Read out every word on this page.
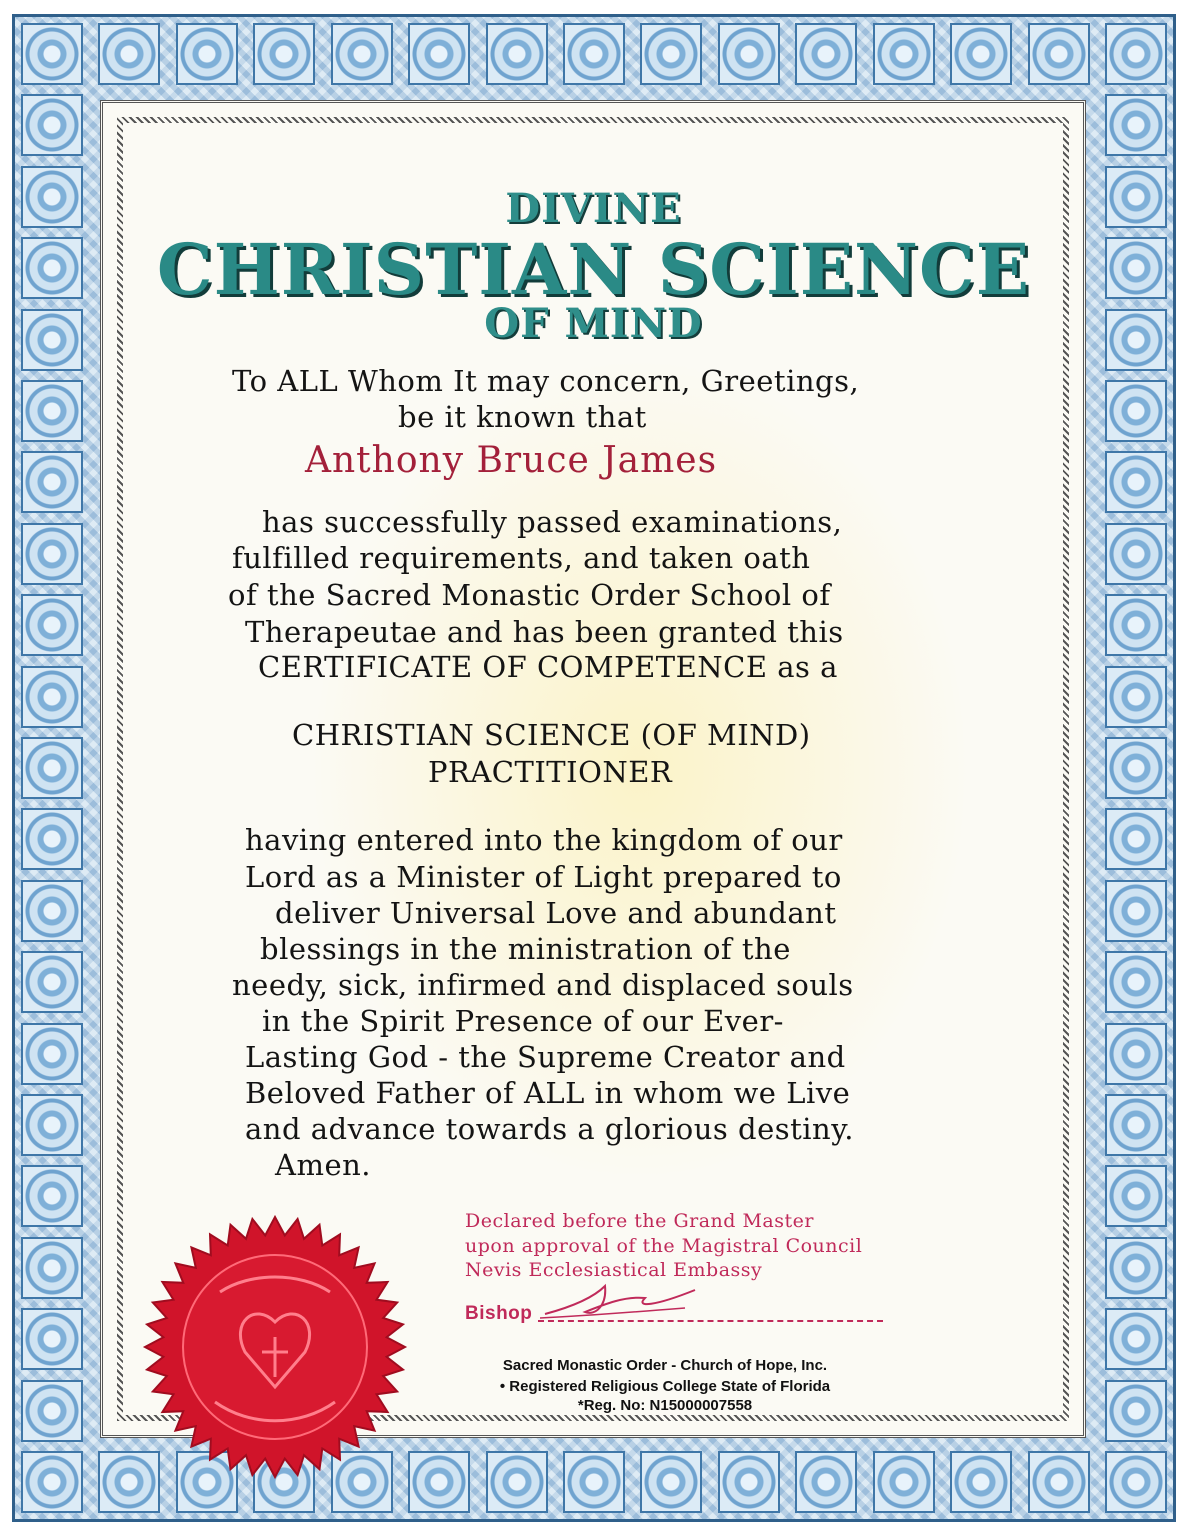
DIVINE
CHRISTIAN SCIENCE
OF MIND
To ALL Whom It may concern, Greetings,
be it known that
Anthony Bruce James
has successfully passed examinations,
fulfilled requirements, and taken oath
of the Sacred Monastic Order School of
Therapeutae and has been granted this
CERTIFICATE OF COMPETENCE as a
CHRISTIAN SCIENCE (OF MIND)
PRACTITIONER
having entered into the kingdom of our
Lord as a Minister of Light prepared to
deliver Universal Love and abundant
blessings in the ministration of the
needy, sick, infirmed and displaced souls
in the Spirit Presence of our Ever-
Lasting God - the Supreme Creator and
Beloved Father of ALL in whom we Live
and advance towards a glorious destiny.
Amen.
Declared before the Grand Master
upon approval of the Magistral Council
Nevis Ecclesiastical Embassy
Bishop
Sacred Monastic Order - Church of Hope, Inc.
• Registered Religious College State of Florida
*Reg. No: N15000007558
